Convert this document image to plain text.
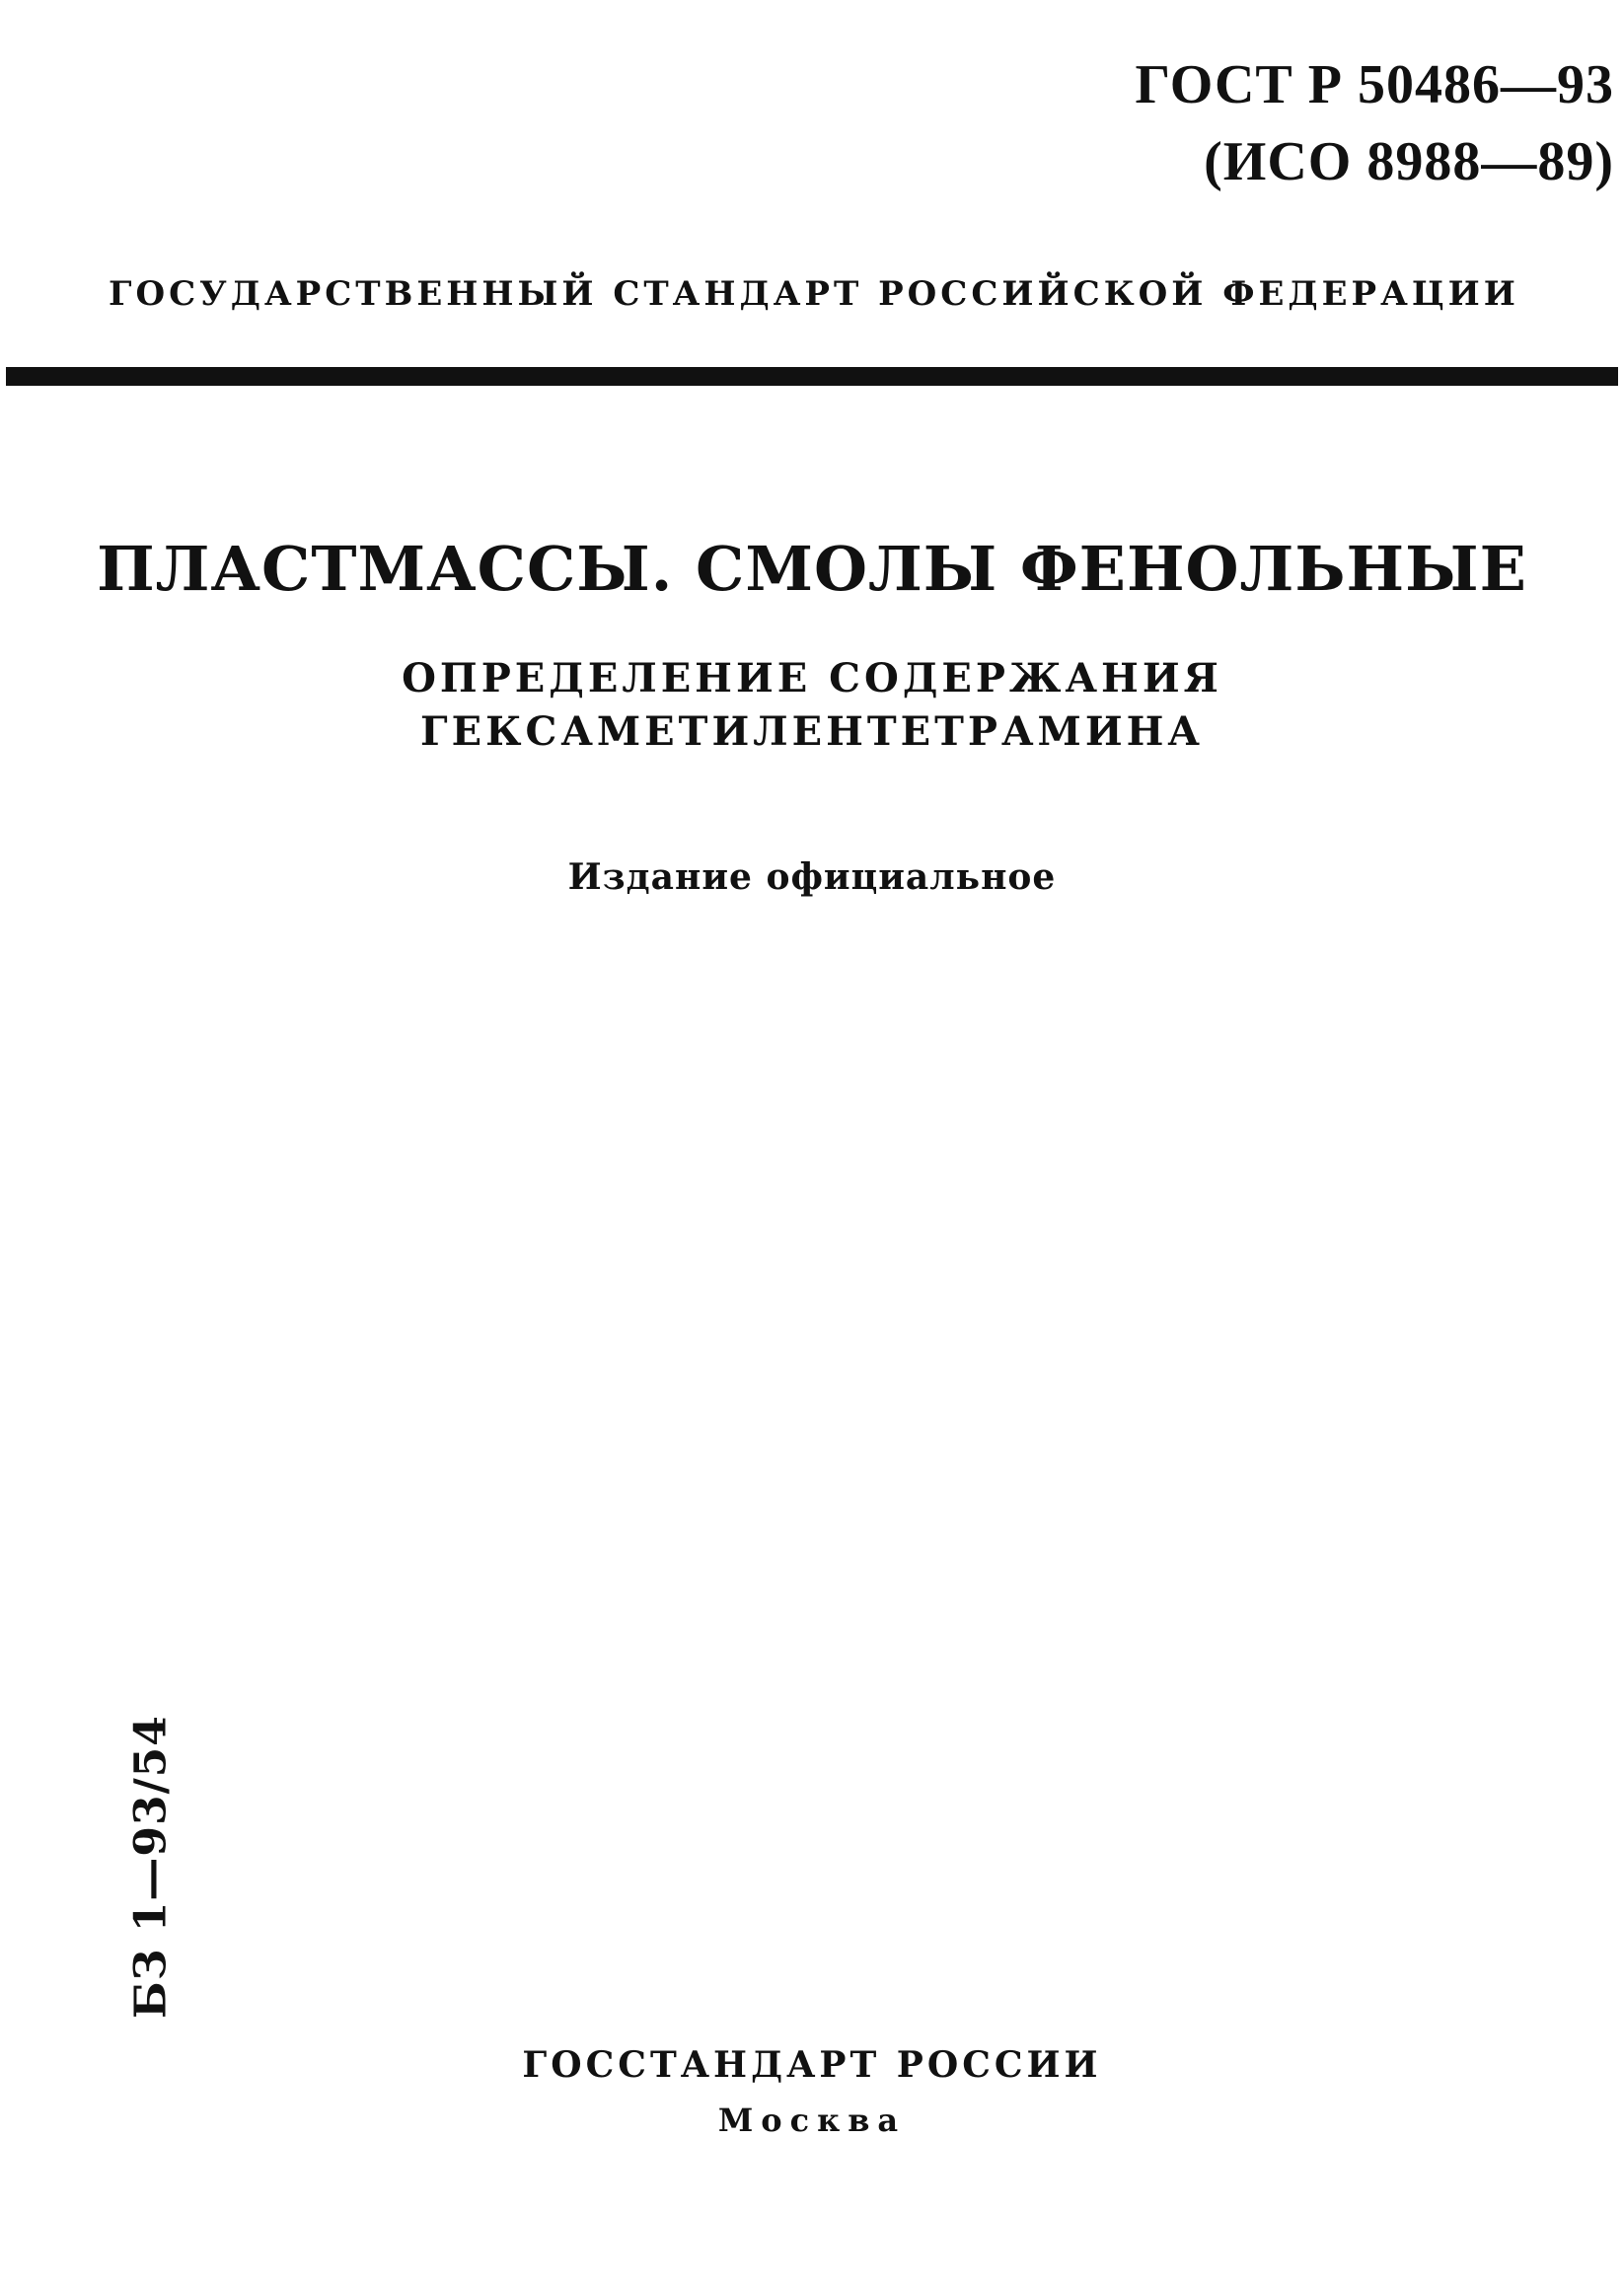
ГОСТ Р 50486—93
(ИСО 8988—89)
ГОСУДАРСТВЕННЫЙ СТАНДАРТ РОССИЙСКОЙ ФЕДЕРАЦИИ
ПЛАСТМАССЫ. СМОЛЫ ФЕНОЛЬНЫЕ
ОПРЕДЕЛЕНИЕ СОДЕРЖАНИЯ
ГЕКСАМЕТИЛЕНТЕТРАМИНА
Издание официальное
БЗ 1—93/54
ГОССТАНДАРТ РОССИИ
Москва
